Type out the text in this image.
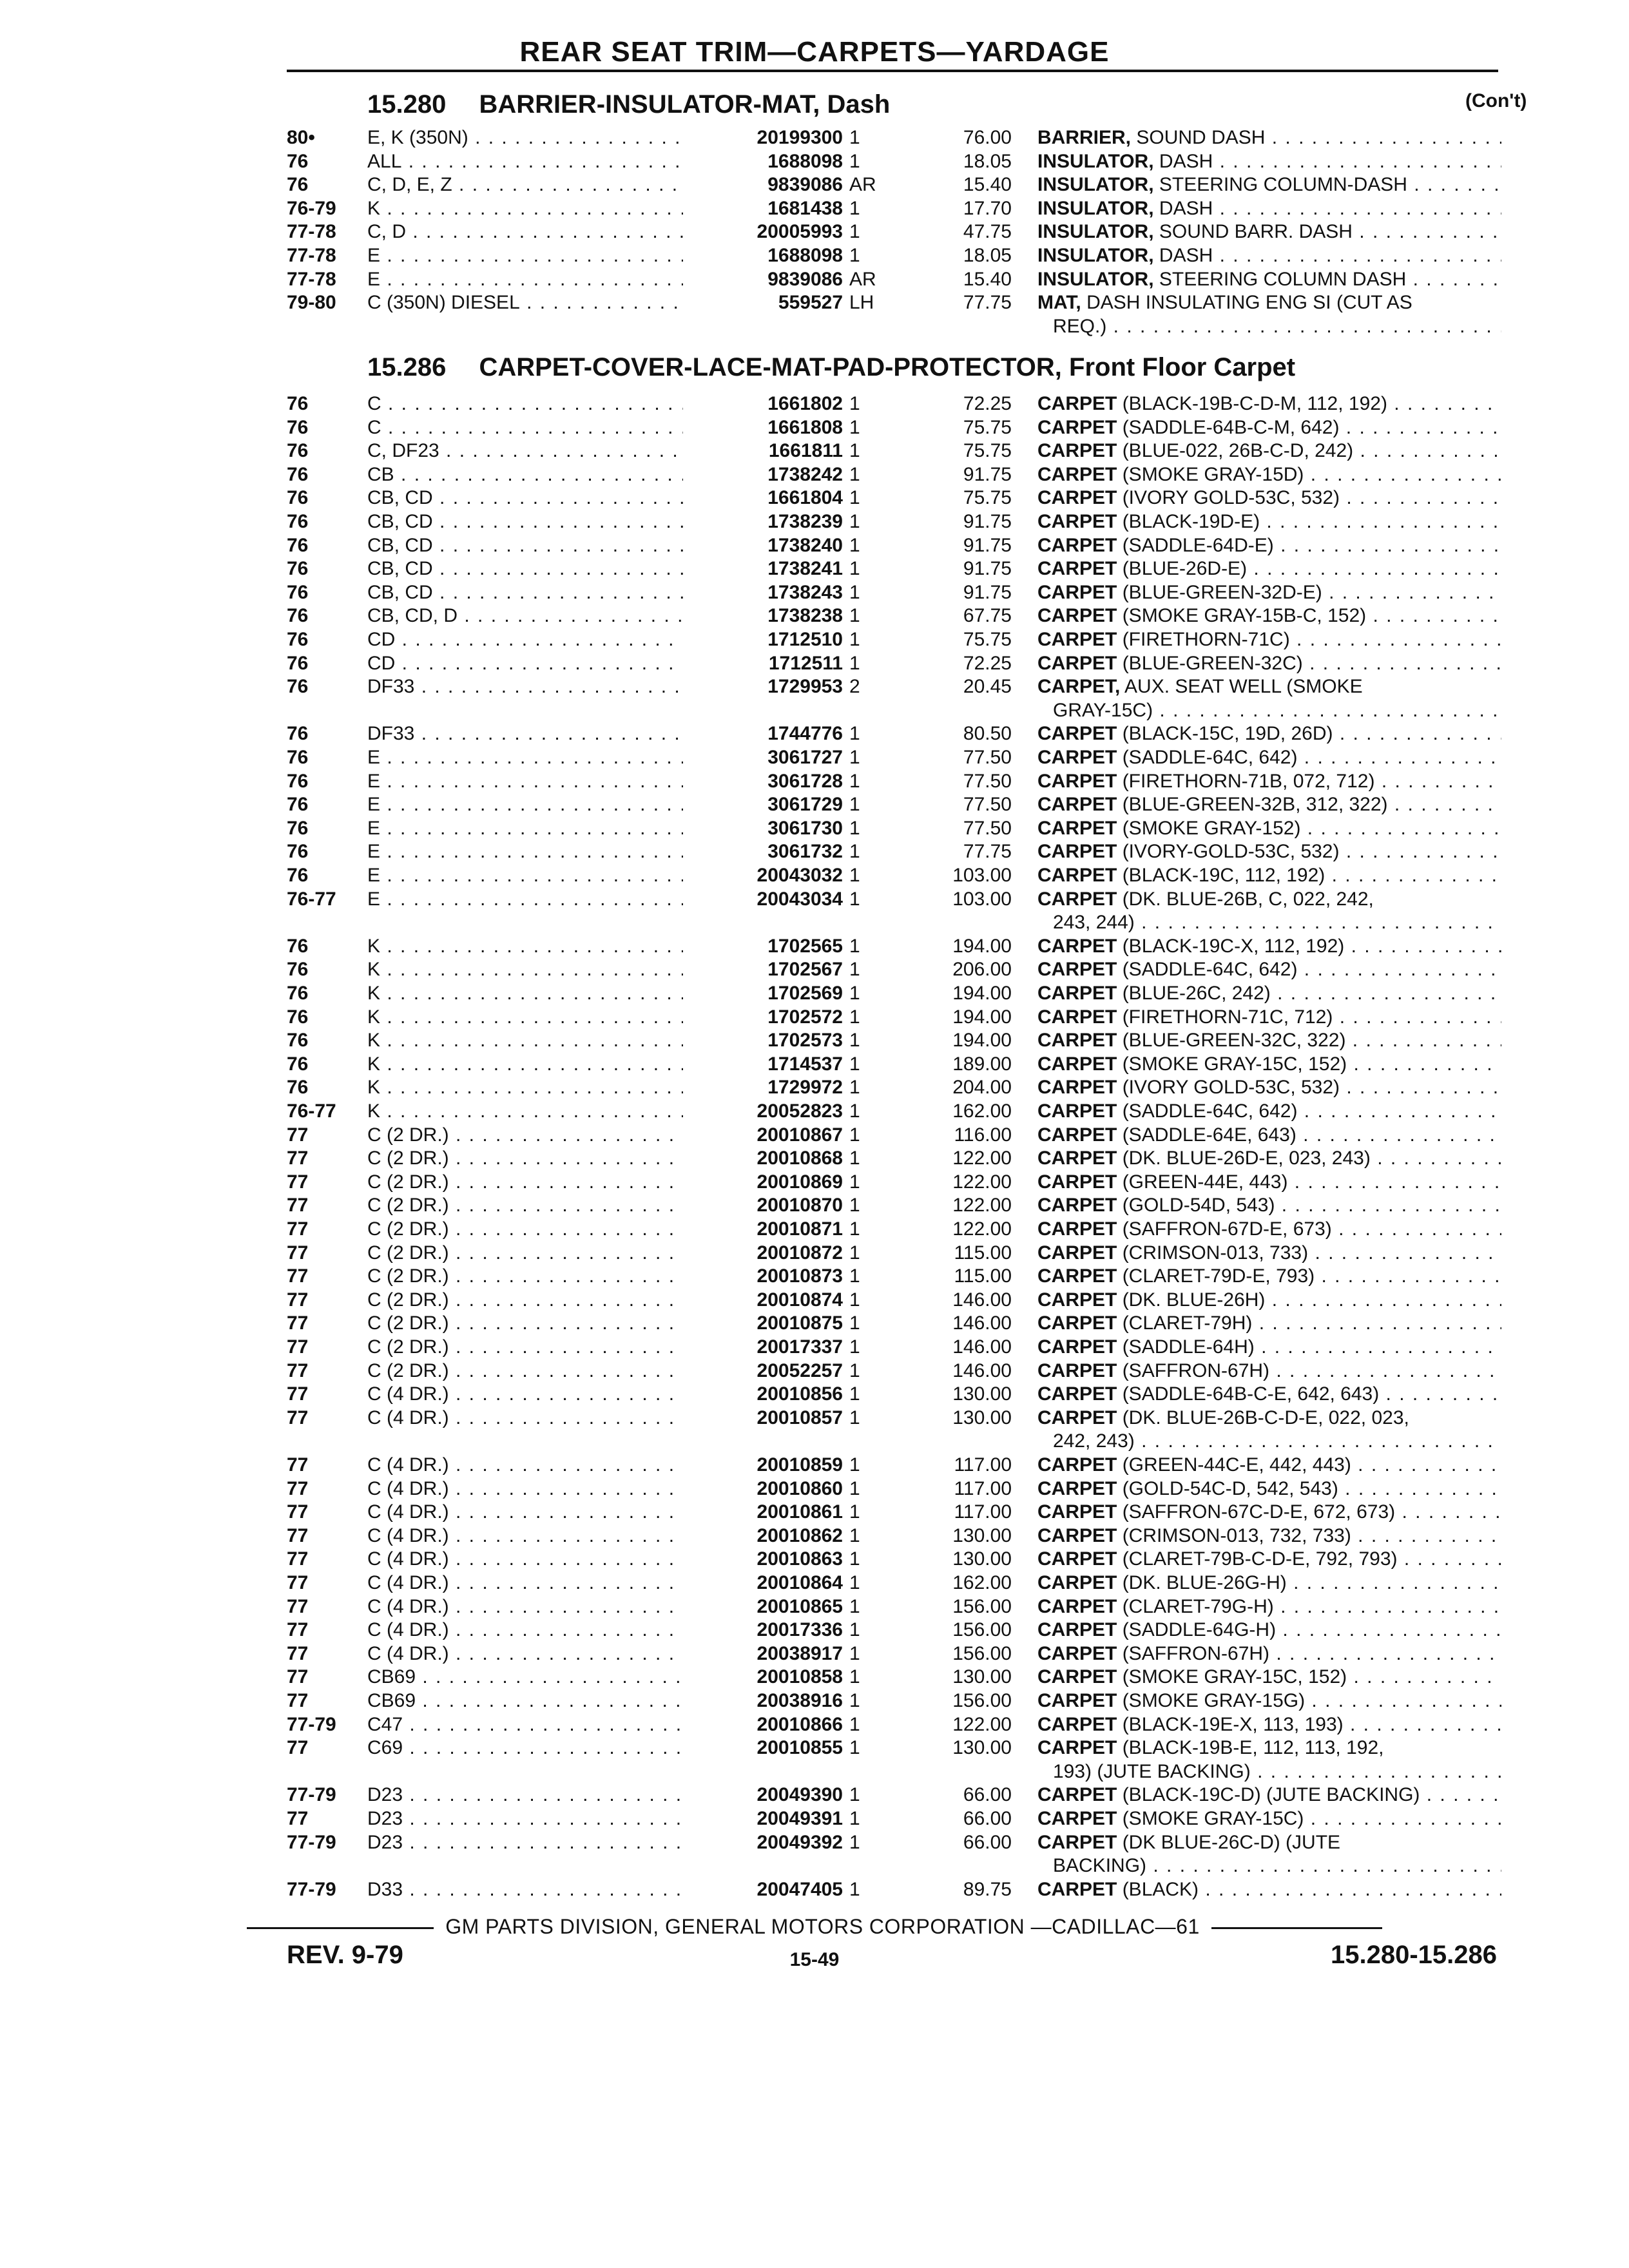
REAR SEAT TRIM—CARPETS—YARDAGE
15.280 BARRIER-INSULATOR-MAT, Dash	(Con't)
15.286 CARPET-COVER-LACE-MAT-PAD-PROTECTOR, Front Floor Carpet
80•	E, K (350N) . . .	20199300 1	76.00 BARRIER, SOUND DASH . . .
76	ALL . . .	1688098 1	18.05 INSULATOR, DASH . . .
76	C, D, E, Z . . .	9839086 AR	15.40 INSULATOR, STEERING COLUMN-DASH . . .
76-79	K . . .	1681438 1	17.70 INSULATOR, DASH . . .
77-78	C, D . . .	20005993 1	47.75 INSULATOR, SOUND BARR. DASH . . .
77-78	E . . .	1688098 1	18.05 INSULATOR, DASH . . .
77-78	E . . .	9839086 AR	15.40 INSULATOR, STEERING COLUMN DASH . . .
79-80	C (350N) DIESEL . . .	559527 LH	77.75 MAT, DASH INSULATING ENG SI (CUT AS
REQ.) . . .
76	C . . .	1661802 1	72.25 CARPET (BLACK-19B-C-D-M, 112, 192) . . .
76	C . . .	1661808 1	75.75 CARPET (SADDLE-64B-C-M, 642) . . .
76	C, DF23 . . .	1661811 1	75.75 CARPET (BLUE-022, 26B-C-D, 242) . . .
76	CB . . .	1738242 1	91.75 CARPET (SMOKE GRAY-15D) . . .
76	CB, CD . . .	1661804 1	75.75 CARPET (IVORY GOLD-53C, 532) . . .
76	CB, CD . . .	1738239 1	91.75 CARPET (BLACK-19D-E) . . .
76	CB, CD . . .	1738240 1	91.75 CARPET (SADDLE-64D-E) . . .
76	CB, CD . . .	1738241 1	91.75 CARPET (BLUE-26D-E) . . .
76	CB, CD . . .	1738243 1	91.75 CARPET (BLUE-GREEN-32D-E) . . .
76	CB, CD, D . . .	1738238 1	67.75 CARPET (SMOKE GRAY-15B-C, 152) . . .
76	CD . . .	1712510 1	75.75 CARPET (FIRETHORN-71C) . . .
76	CD . . .	1712511 1	72.25 CARPET (BLUE-GREEN-32C) . . .
76	DF33 . . .	1729953 2	20.45 CARPET, AUX. SEAT WELL (SMOKE
GRAY-15C) . . .
76	DF33 . . .	1744776 1	80.50 CARPET (BLACK-15C, 19D, 26D) . . .
76	E . . .	3061727 1	77.50 CARPET (SADDLE-64C, 642) . . .
76	E . . .	3061728 1	77.50 CARPET (FIRETHORN-71B, 072, 712) . . .
76	E . . .	3061729 1	77.50 CARPET (BLUE-GREEN-32B, 312, 322) . . .
76	E . . .	3061730 1	77.50 CARPET (SMOKE GRAY-152) . . .
76	E . . .	3061732 1	77.75 CARPET (IVORY-GOLD-53C, 532) . . .
76	E . . .	20043032 1	103.00 CARPET (BLACK-19C, 112, 192) . . .
76-77	E . . .	20043034 1	103.00 CARPET (DK. BLUE-26B, C, 022, 242,
243, 244) . . .
76	K . . .	1702565 1	194.00 CARPET (BLACK-19C-X, 112, 192) . . .
76	K . . .	1702567 1	206.00 CARPET (SADDLE-64C, 642) . . .
76	K . . .	1702569 1	194.00 CARPET (BLUE-26C, 242) . . .
76	K . . .	1702572 1	194.00 CARPET (FIRETHORN-71C, 712) . . .
76	K . . .	1702573 1	194.00 CARPET (BLUE-GREEN-32C, 322) . . .
76	K . . .	1714537 1	189.00 CARPET (SMOKE GRAY-15C, 152) . . .
76	K . . .	1729972 1	204.00 CARPET (IVORY GOLD-53C, 532) . . .
76-77	K . . .	20052823 1	162.00 CARPET (SADDLE-64C, 642) . . .
77	C (2 DR.) . . .	20010867 1	116.00 CARPET (SADDLE-64E, 643) . . .
77	C (2 DR.) . . .	20010868 1	122.00 CARPET (DK. BLUE-26D-E, 023, 243) . . .
77	C (2 DR.) . . .	20010869 1	122.00 CARPET (GREEN-44E, 443) . . .
77	C (2 DR.) . . .	20010870 1	122.00 CARPET (GOLD-54D, 543) . . .
77	C (2 DR.) . . .	20010871 1	122.00 CARPET (SAFFRON-67D-E, 673) . . .
77	C (2 DR.) . . .	20010872 1	115.00 CARPET (CRIMSON-013, 733) . . .
77	C (2 DR.) . . .	20010873 1	115.00 CARPET (CLARET-79D-E, 793) . . .
77	C (2 DR.) . . .	20010874 1	146.00 CARPET (DK. BLUE-26H) . . .
77	C (2 DR.) . . .	20010875 1	146.00 CARPET (CLARET-79H) . . .
77	C (2 DR.) . . .	20017337 1	146.00 CARPET (SADDLE-64H) . . .
77	C (2 DR.) . . .	20052257 1	146.00 CARPET (SAFFRON-67H) . . .
77	C (4 DR.) . . .	20010856 1	130.00 CARPET (SADDLE-64B-C-E, 642, 643) . . .
77	C (4 DR.) . . .	20010857 1	130.00 CARPET (DK. BLUE-26B-C-D-E, 022, 023,
242, 243) . . .
77	C (4 DR.) . . .	20010859 1	117.00 CARPET (GREEN-44C-E, 442, 443) . . .
77	C (4 DR.) . . .	20010860 1	117.00 CARPET (GOLD-54C-D, 542, 543) . . .
77	C (4 DR.) . . .	20010861 1	117.00 CARPET (SAFFRON-67C-D-E, 672, 673) . . .
77	C (4 DR.) . . .	20010862 1	130.00 CARPET (CRIMSON-013, 732, 733) . . .
77	C (4 DR.) . . .	20010863 1	130.00 CARPET (CLARET-79B-C-D-E, 792, 793) . . .
77	C (4 DR.) . . .	20010864 1	162.00 CARPET (DK. BLUE-26G-H) . . .
77	C (4 DR.) . . .	20010865 1	156.00 CARPET (CLARET-79G-H) . . .
77	C (4 DR.) . . .	20017336 1	156.00 CARPET (SADDLE-64G-H) . . .
77	C (4 DR.) . . .	20038917 1	156.00 CARPET (SAFFRON-67H) . . .
77	CB69 . . .	20010858 1	130.00 CARPET (SMOKE GRAY-15C, 152) . . .
77	CB69 . . .	20038916 1	156.00 CARPET (SMOKE GRAY-15G) . . .
77-79	C47 . . .	20010866 1	122.00 CARPET (BLACK-19E-X, 113, 193) . . .
77	C69 . . .	20010855 1	130.00 CARPET (BLACK-19B-E, 112, 113, 192,
193) (JUTE BACKING) . . .
77-79	D23 . . .	20049390 1	66.00 CARPET (BLACK-19C-D) (JUTE BACKING) . . .
77	D23 . . .	20049391 1	66.00 CARPET (SMOKE GRAY-15C) . . .
77-79	D23 . . .	20049392 1	66.00 CARPET (DK BLUE-26C-D) (JUTE
BACKING) . . .
77-79	D33 . . .	20047405 1	89.75 CARPET (BLACK) . . .
GM PARTS DIVISION, GENERAL MOTORS CORPORATION —CADILLAC—61
REV. 9-79	15-49	15.280-15.286
